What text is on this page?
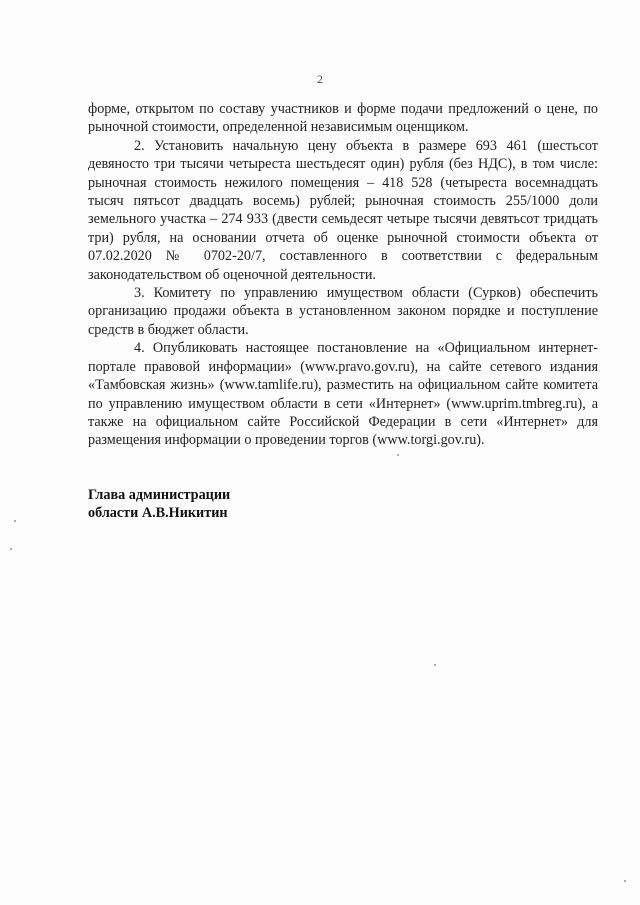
2

форме, открытом по составу участников и форме подачи предложений о цене, по рыночной стоимости, определенной независимым оценщиком.

2. Установить начальную цену объекта в размере 693 461 (шестьсот девяносто три тысячи четыреста шестьдесят один) рубля (без НДС), в том числе: рыночная стоимость нежилого помещения – 418 528 (четыреста восемнадцать тысяч пятьсот двадцать восемь) рублей; рыночная стоимость 255/1000 доли земельного участка – 274 933 (двести семьдесят четыре тысячи девятьсот тридцать три) рубля, на основании отчета об оценке рыночной стоимости объекта от 07.02.2020 № 0702-20/7, составленного в соответствии с федеральным законодательством об оценочной деятельности.

3. Комитету по управлению имуществом области (Сурков) обеспечить организацию продажи объекта в установленном законом порядке и поступление средств в бюджет области.

4. Опубликовать настоящее постановление на «Официальном интернет-портале правовой информации» (www.pravo.gov.ru), на сайте сетевого издания «Тамбовская жизнь» (www.tamlife.ru), разместить на официальном сайте комитета по управлению имуществом области в сети «Интернет» (www.uprim.tmbreg.ru), а также на официальном сайте Российской Федерации в сети «Интернет» для размещения информации о проведении торгов (www.torgi.gov.ru).

Глава администрации
области А.В.Никитин
